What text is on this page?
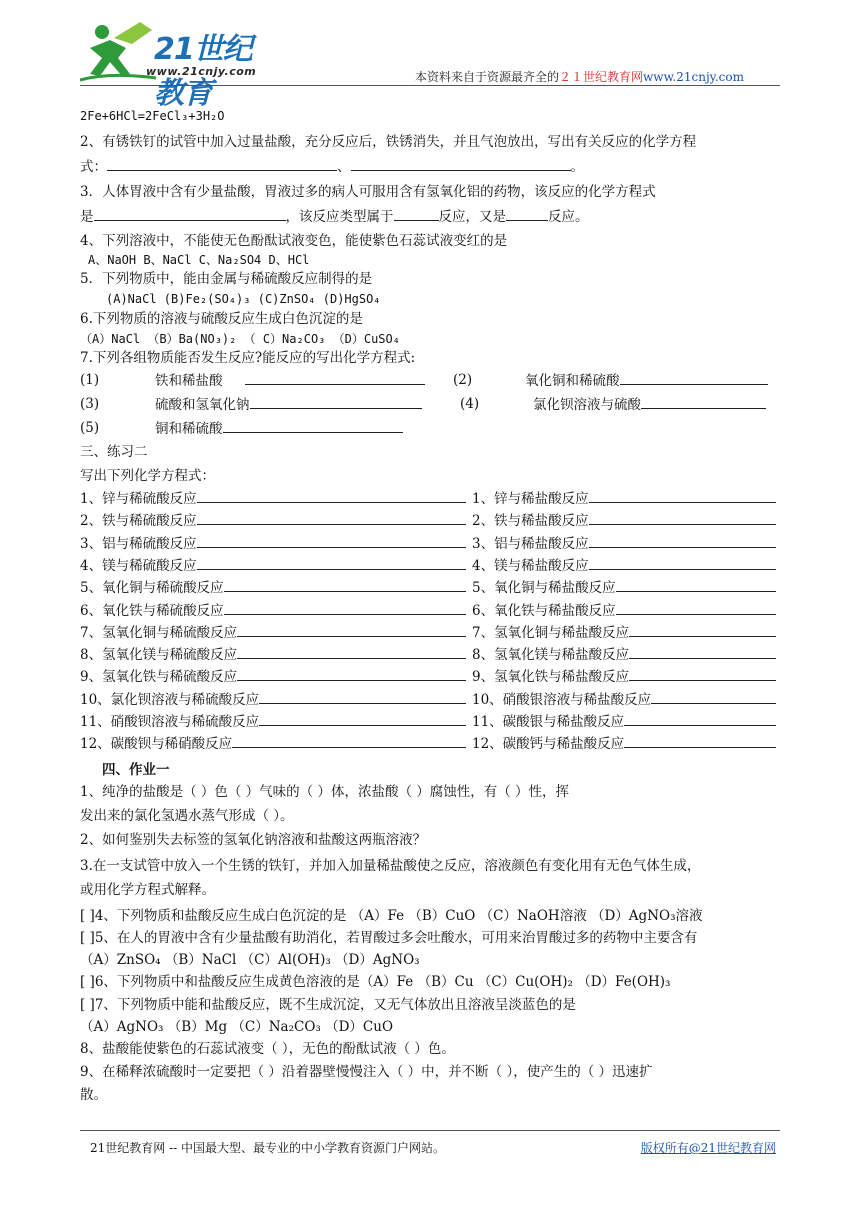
21世纪教育
www.21cnjy.com	本资料来自于资源最齐全的２１世纪教育网www.21cnjy.com
2Fe+6HCl=2FeCl₃+3H₂O
2、有锈铁钉的试管中加入过量盐酸，充分反应后，铁锈消失，并且气泡放出，写出有关反应的化学方程
式：	、	。
3．人体胃液中含有少量盐酸，胃液过多的病人可服用含有氢氧化铝的药物，该反应的化学方程式
是	，该反应类型属于	反应，又是	反应。
4、下列溶液中，不能使无色酚酞试液变色，能使紫色石蕊试液变红的是
A、NaOH B、NaCl C、Na₂SO4 D、HCl
5．下列物质中，能由金属与稀硫酸反应制得的是
(A)NaCl (B)Fe₂(SO₄)₃ (C)ZnSO₄ (D)HgSO₄
6.下列物质的溶液与硫酸反应生成白色沉淀的是
（A）NaCl （B）Ba(NO₃)₂ （ C）Na₂CO₃ （D）CuSO₄
7.下列各组物质能否发生反应?能反应的写出化学方程式:
(1)	铁和稀盐酸	(2)	氧化铜和稀硫酸
(3)	硫酸和氢氧化钠	(4)	氯化钡溶液与硫酸
(5)	铜和稀硫酸
三、练习二
写出下列化学方程式：
1、锌与稀硫酸反应	1、锌与稀盐酸反应
2、铁与稀硫酸反应	2、铁与稀盐酸反应
3、铝与稀硫酸反应	3、铝与稀盐酸反应
4、镁与稀硫酸反应	4、镁与稀盐酸反应
5、氧化铜与稀硫酸反应	5、氧化铜与稀盐酸反应
6、氧化铁与稀硫酸反应	6、氧化铁与稀盐酸反应
7、氢氧化铜与稀硫酸反应	7、氢氧化铜与稀盐酸反应
8、氢氧化镁与稀硫酸反应	8、氢氧化镁与稀盐酸反应
9、氢氧化铁与稀硫酸反应	9、氢氧化铁与稀盐酸反应
10、氯化钡溶液与稀硫酸反应	10、硝酸银溶液与稀盐酸反应
11、硝酸钡溶液与稀硫酸反应	11、碳酸银与稀盐酸反应
12、碳酸钡与稀硝酸反应	12、碳酸钙与稀盐酸反应
四、作业一
1、纯净的盐酸是（ ）色（ ）气味的（ ）体，浓盐酸（ ）腐蚀性，有（ ）性，挥
发出来的氯化氢遇水蒸气形成（ ）。
2、如何鉴别失去标签的氢氧化钠溶液和盐酸这两瓶溶液？
3.在一支试管中放入一个生锈的铁钉，并加入加量稀盐酸使之反应，溶液颜色有变化用有无色气体生成，
或用化学方程式解释。
[ ]4、下列物质和盐酸反应生成白色沉淀的是 （A）Fe （B）CuO （C）NaOH溶液 （D）AgNO₃溶液
[ ]5、在人的胃液中含有少量盐酸有助消化，若胃酸过多会吐酸水，可用来治胃酸过多的药物中主要含有
（A）ZnSO₄ （B）NaCl （C）Al(OH)₃ （D）AgNO₃
[ ]6、下列物质中和盐酸反应生成黄色溶液的是（A）Fe （B）Cu （C）Cu(OH)₂ （D）Fe(OH)₃
[ ]7、下列物质中能和盐酸反应，既不生成沉淀，又无气体放出且溶液呈淡蓝色的是
（A）AgNO₃ （B）Mg （C）Na₂CO₃ （D）CuO
8、盐酸能使紫色的石蕊试液变（ ），无色的酚酞试液（ ）色。
9、在稀释浓硫酸时一定要把（ ）沿着器壁慢慢注入（ ）中，并不断（ ），使产生的（ ）迅速扩
散。
21世纪教育网 -- 中国最大型、最专业的中小学教育资源门户网站。	版权所有@21世纪教育网
